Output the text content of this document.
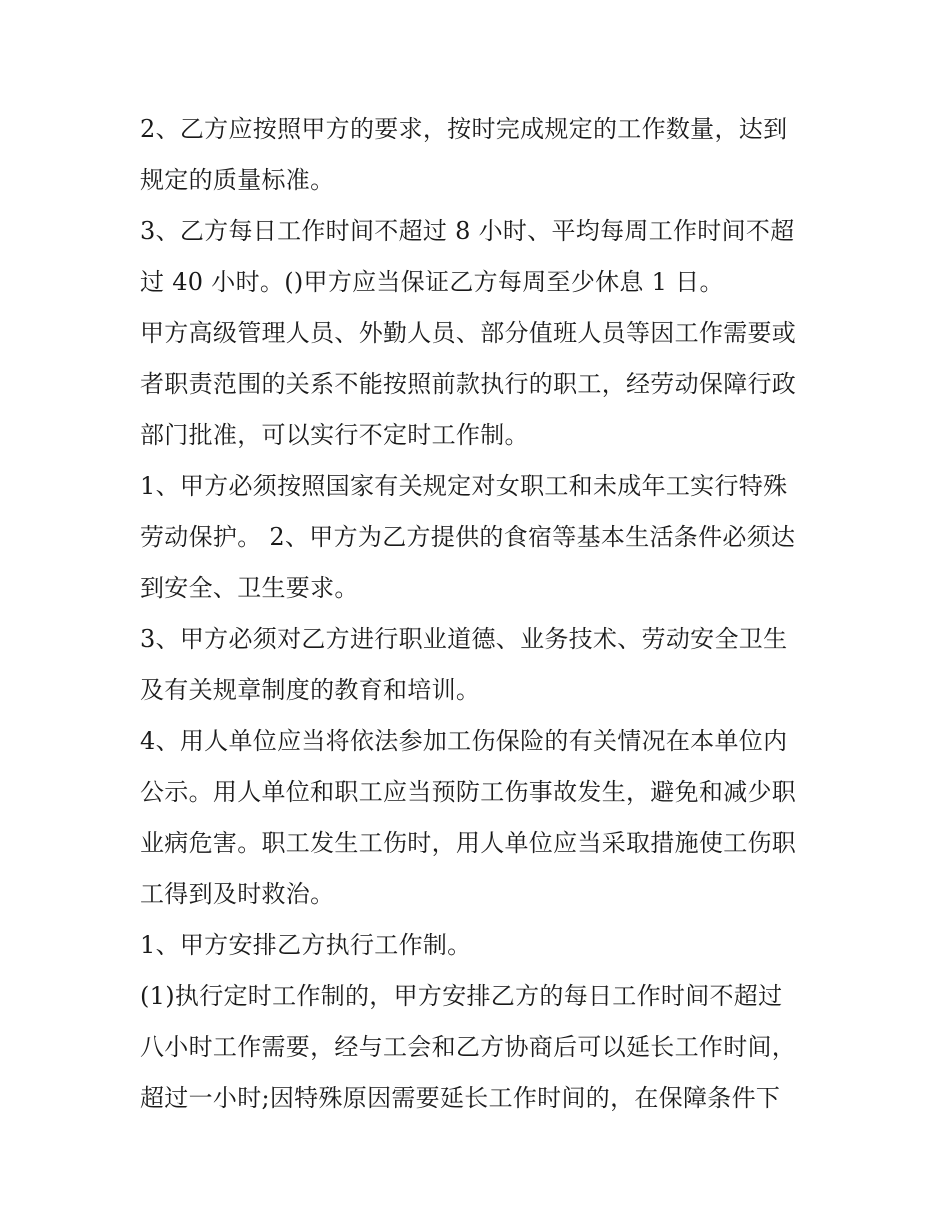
2、乙方应按照甲方的要求，按时完成规定的工作数量，达到
规定的质量标准。

3、乙方每日工作时间不超过 8 小时、平均每周工作时间不超
过 40 小时。()甲方应当保证乙方每周至少休息 1 日。

甲方高级管理人员、外勤人员、部分值班人员等因工作需要或
者职责范围的关系不能按照前款执行的职工，经劳动保障行政
部门批准，可以实行不定时工作制。

1、甲方必须按照国家有关规定对女职工和未成年工实行特殊
劳动保护。 2、甲方为乙方提供的食宿等基本生活条件必须达
到安全、卫生要求。

3、甲方必须对乙方进行职业道德、业务技术、劳动安全卫生
及有关规章制度的教育和培训。

4、用人单位应当将依法参加工伤保险的有关情况在本单位内
公示。用人单位和职工应当预防工伤事故发生，避免和减少职
业病危害。职工发生工伤时，用人单位应当采取措施使工伤职
工得到及时救治。

1、甲方安排乙方执行工作制。

(1)执行定时工作制的，甲方安排乙方的每日工作时间不超过
八小时工作需要，经与工会和乙方协商后可以延长工作时间，
超过一小时;因特殊原因需要延长工作时间的，在保障条件下
